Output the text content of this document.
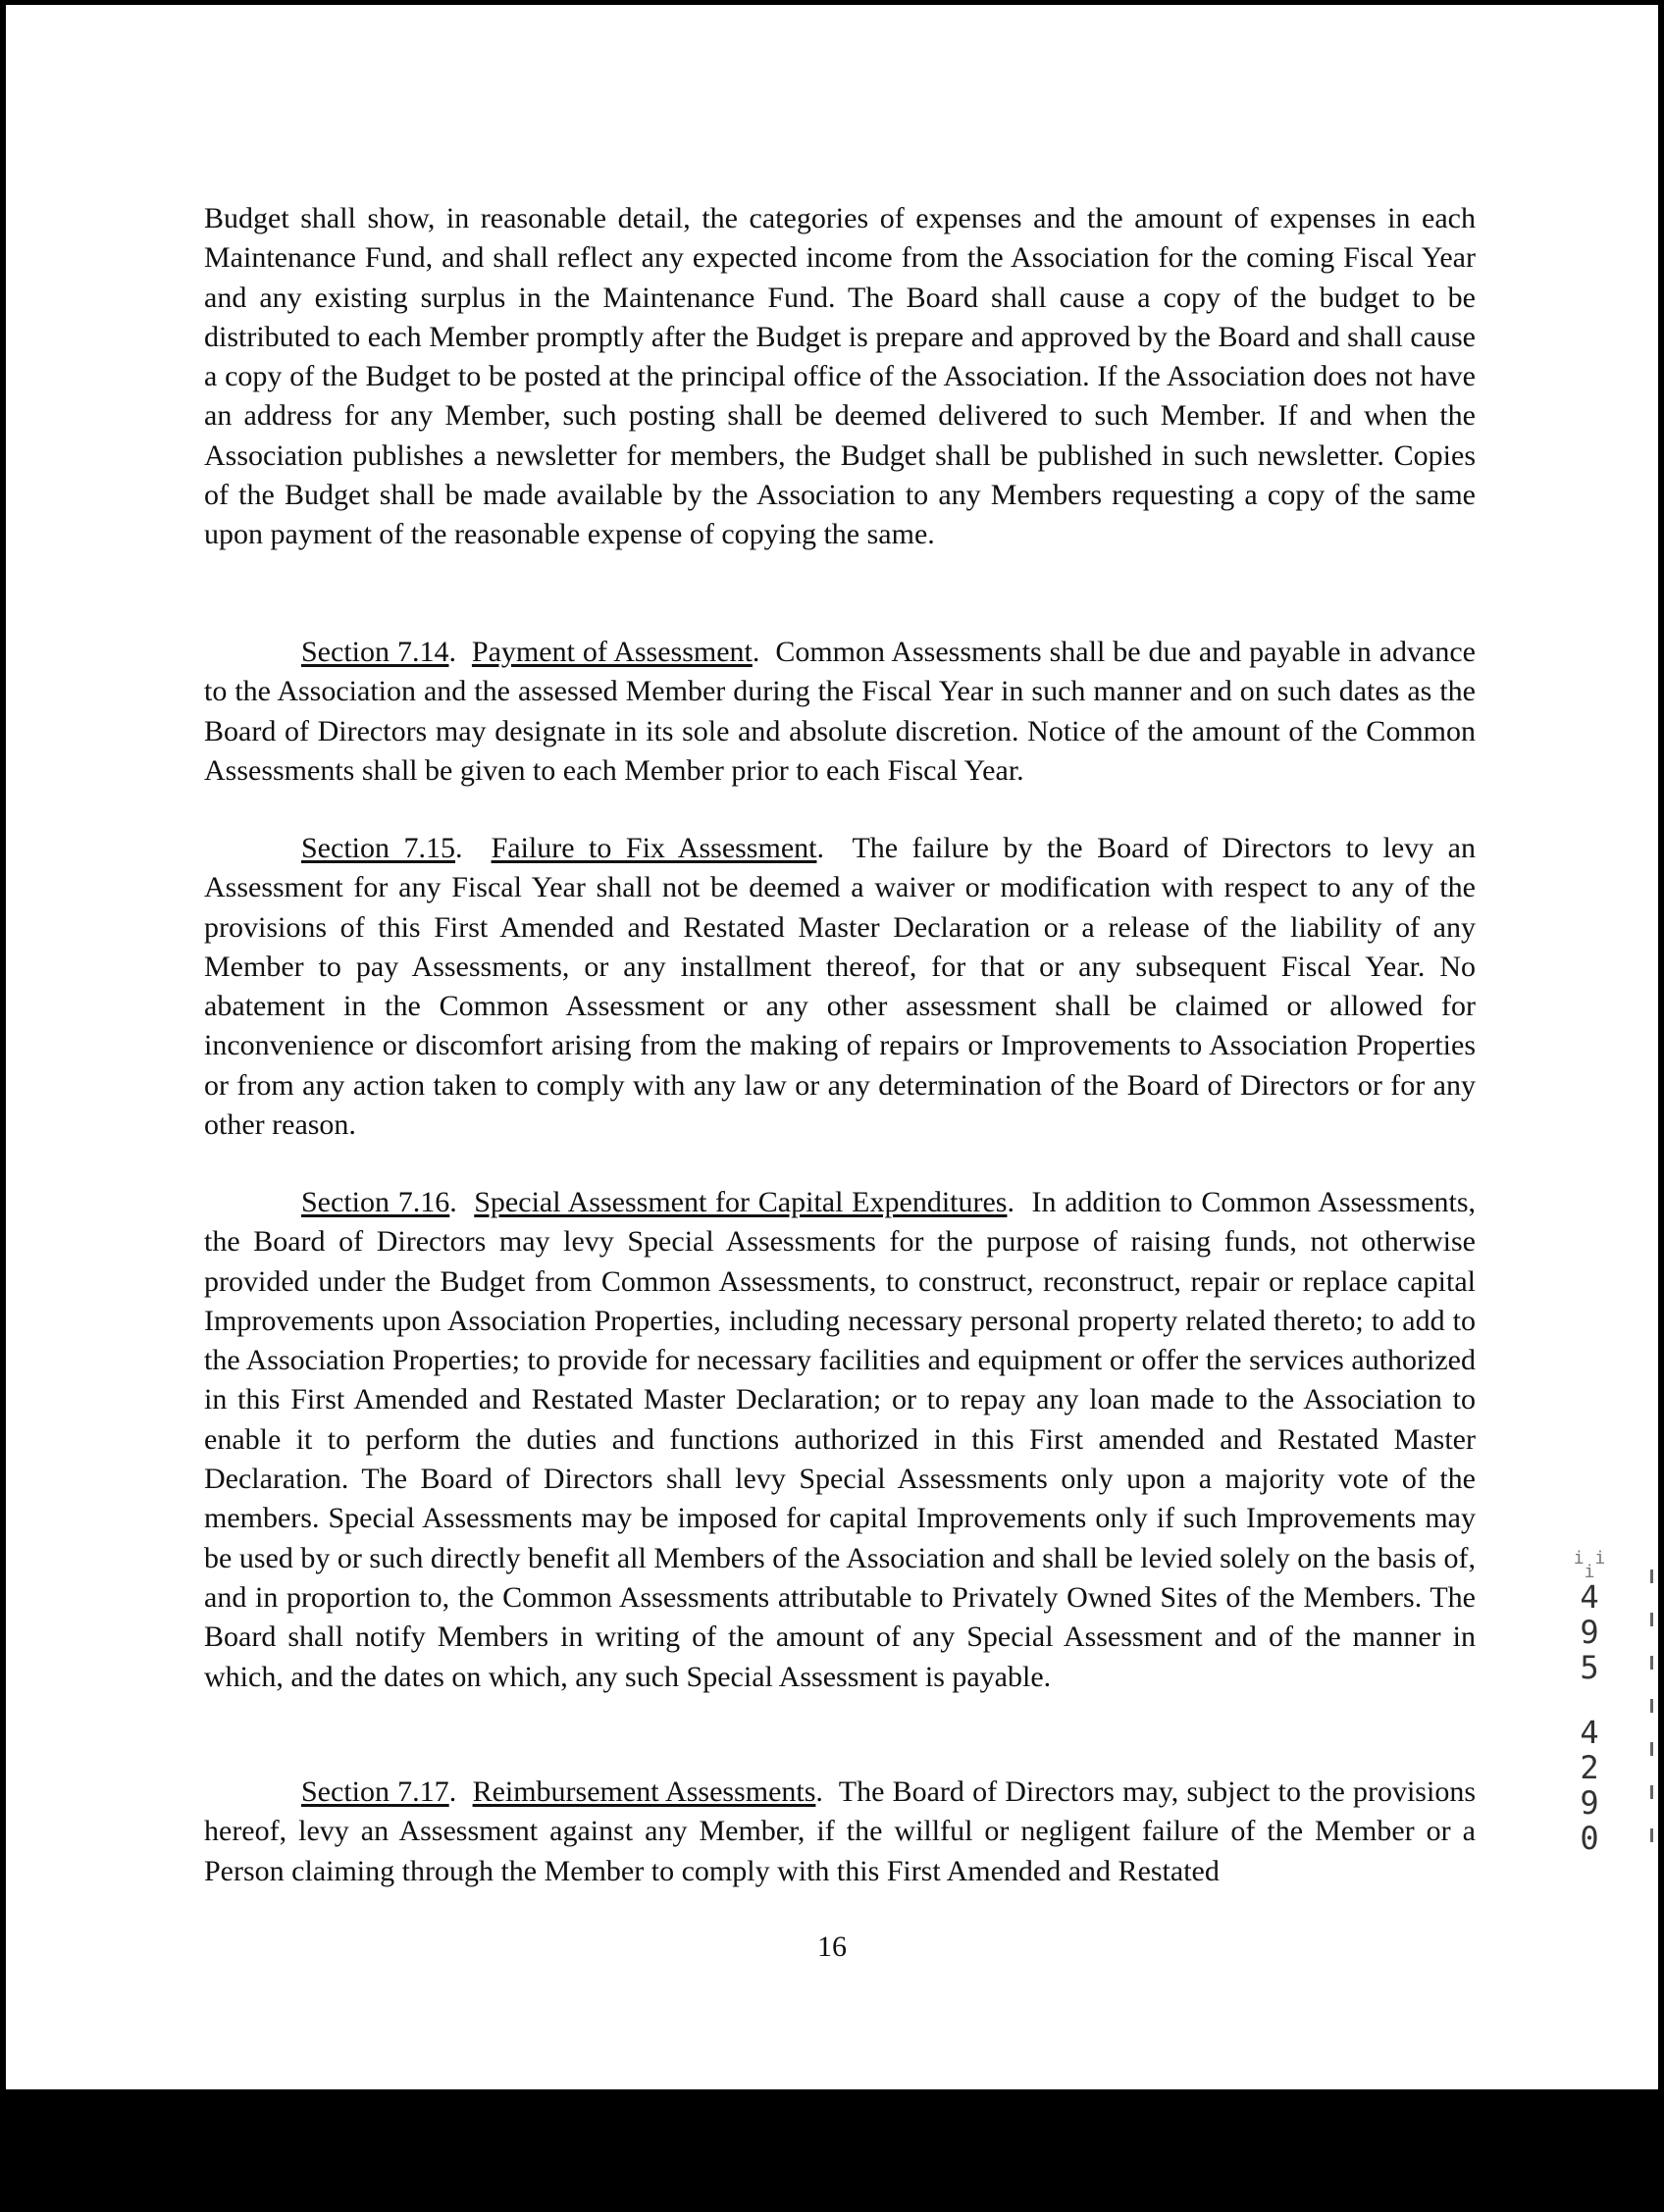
Budget shall show, in reasonable detail, the categories of expenses and the amount of expenses in each Maintenance Fund, and shall reflect any expected income from the Association for the coming Fiscal Year and any existing surplus in the Maintenance Fund. The Board shall cause a copy of the budget to be distributed to each Member promptly after the Budget is prepare and approved by the Board and shall cause a copy of the Budget to be posted at the principal office of the Association. If the Association does not have an address for any Member, such posting shall be deemed delivered to such Member. If and when the Association publishes a newsletter for members, the Budget shall be published in such newsletter. Copies of the Budget shall be made available by the Association to any Members requesting a copy of the same upon payment of the reasonable expense of copying the same.

Section 7.14. Payment of Assessment. Common Assessments shall be due and payable in advance to the Association and the assessed Member during the Fiscal Year in such manner and on such dates as the Board of Directors may designate in its sole and absolute discretion. Notice of the amount of the Common Assessments shall be given to each Member prior to each Fiscal Year.

Section 7.15. Failure to Fix Assessment. The failure by the Board of Directors to levy an Assessment for any Fiscal Year shall not be deemed a waiver or modification with respect to any of the provisions of this First Amended and Restated Master Declaration or a release of the liability of any Member to pay Assessments, or any installment thereof, for that or any subsequent Fiscal Year. No abatement in the Common Assessment or any other assessment shall be claimed or allowed for inconvenience or discomfort arising from the making of repairs or Improvements to Association Properties or from any action taken to comply with any law or any determination of the Board of Directors or for any other reason.

Section 7.16. Special Assessment for Capital Expenditures. In addition to Common Assessments, the Board of Directors may levy Special Assessments for the purpose of raising funds, not otherwise provided under the Budget from Common Assessments, to construct, reconstruct, repair or replace capital Improvements upon Association Properties, including necessary personal property related thereto; to add to the Association Properties; to provide for necessary facilities and equipment or offer the services authorized in this First Amended and Restated Master Declaration; or to repay any loan made to the Association to enable it to perform the duties and functions authorized in this First amended and Restated Master Declaration. The Board of Directors shall levy Special Assessments only upon a majority vote of the members. Special Assessments may be imposed for capital Improvements only if such Improvements may be used by or such directly benefit all Members of the Association and shall be levied solely on the basis of, and in proportion to, the Common Assessments attributable to Privately Owned Sites of the Members. The Board shall notify Members in writing of the amount of any Special Assessment and of the manner in which, and the dates on which, any such Special Assessment is payable.

Section 7.17. Reimbursement Assessments. The Board of Directors may, subject to the provisions hereof, levy an Assessment against any Member, if the willful or negligent failure of the Member or a Person claiming through the Member to comply with this First Amended and Restated

16
i i i
4
9
5
4
2
9
0
